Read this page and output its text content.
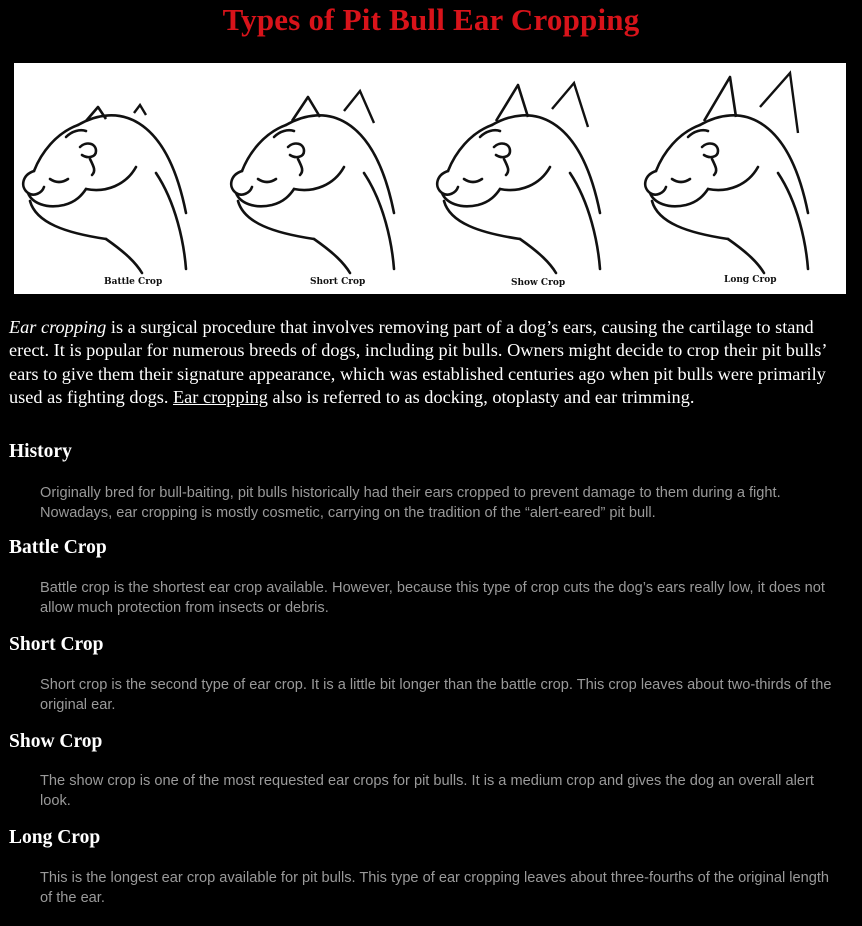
Types of Pit Bull Ear Cropping
Battle Crop	Short Crop	Show Crop	Long Crop
Ear cropping is a surgical procedure that involves removing part of a dog’s ears, causing the cartilage to stand erect. It is popular for numerous breeds of dogs, including pit bulls. Owners might decide to crop their pit bulls’ ears to give them their signature appearance, which was established centuries ago when pit bulls were primarily used as fighting dogs. Ear cropping also is referred to as docking, otoplasty and ear trimming.
History

Originally bred for bull-baiting, pit bulls historically had their ears cropped to prevent damage to them during a fight. Nowadays, ear cropping is mostly cosmetic, carrying on the tradition of the “alert-eared” pit bull.

Battle Crop

Battle crop is the shortest ear crop available. However, because this type of crop cuts the dog’s ears really low, it does not allow much protection from insects or debris.

Short Crop

Short crop is the second type of ear crop. It is a little bit longer than the battle crop. This crop leaves about two-thirds of the original ear.

Show Crop

The show crop is one of the most requested ear crops for pit bulls. It is a medium crop and gives the dog an overall alert look.

Long Crop

This is the longest ear crop available for pit bulls. This type of ear cropping leaves about three-fourths of the original length of the ear.
